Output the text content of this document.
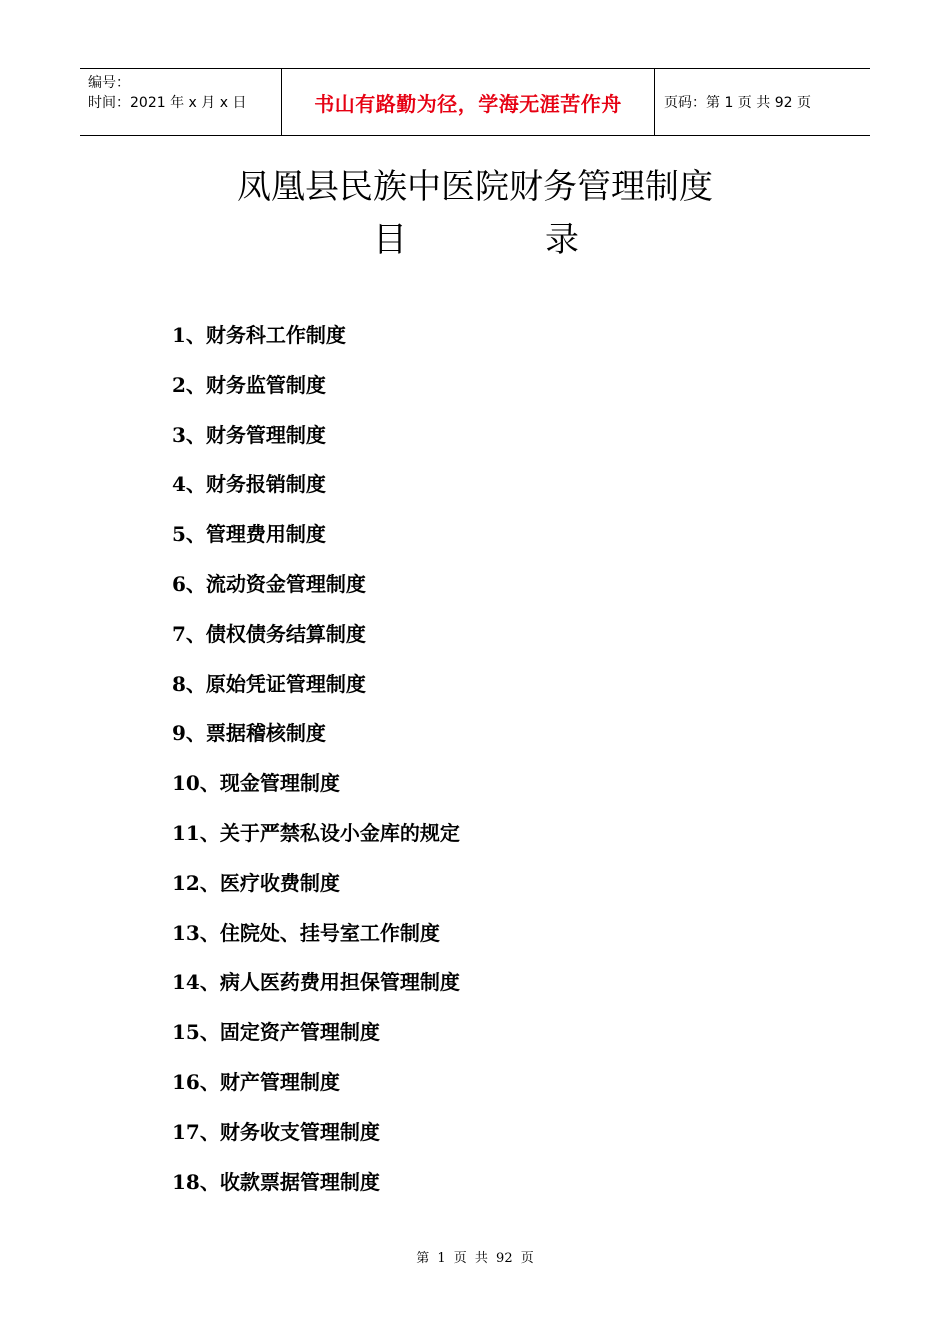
编号：
时间：2021 年 x 月 x 日	书山有路勤为径，学海无涯苦作舟	页码：第 1 页 共 92 页
凤凰县民族中医院财务管理制度
目	录
1、财务科工作制度
2、财务监管制度
3、财务管理制度
4、财务报销制度
5、管理费用制度
6、流动资金管理制度
7、债权债务结算制度
8、原始凭证管理制度
9、票据稽核制度
10、现金管理制度
11、关于严禁私设小金库的规定
12、医疗收费制度
13、住院处、挂号室工作制度
14、病人医药费用担保管理制度
15、固定资产管理制度
16、财产管理制度
17、财务收支管理制度
18、收款票据管理制度
第 1 页 共 92 页
